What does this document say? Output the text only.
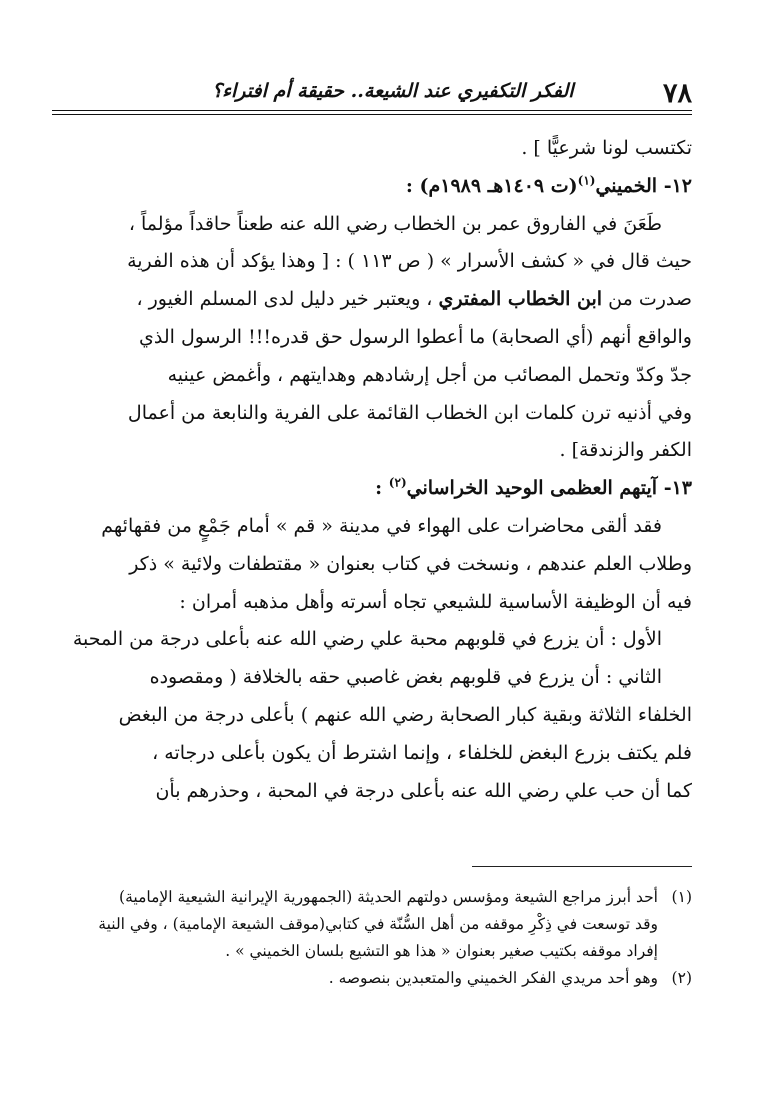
٧٨
الفكر التكفيري عند الشيعة.. حقيقة أم افتراء؟
تكتسب لونا شرعيًّا ] .
١٢- الخميني$^{(١)}$(ت ١٤٠٩هـ ١٩٨٩م) :
طَعَنَ في الفاروق عمر بن الخطاب رضي الله عنه طعناً حاقداً مؤلماً ،
حيث قال في « كشف الأسرار » ( ص ١١٣ ) : [ وهذا يؤكد أن هذه الفرية
صدرت من ابن الخطاب المفتري ، ويعتبر خير دليل لدى المسلم الغيور ،
والواقع أنهم (أي الصحابة) ما أعطوا الرسول حق قدره!!! الرسول الذي
جدّ وكدّ وتحمل المصائب من أجل إرشادهم وهدايتهم ، وأغمض عينيه
وفي أذنيه ترن كلمات ابن الخطاب القائمة على الفرية والنابعة من أعمال
الكفر والزندقة] .
١٣- آيتهم العظمى الوحيد الخراساني$^{(٢)}$ :
فقد ألقى محاضرات على الهواء في مدينة « قم » أمام جَمْعٍ من فقهائهم
وطلاب العلم عندهم ، ونسخت في كتاب بعنوان « مقتطفات ولائية » ذكر
فيه أن الوظيفة الأساسية للشيعي تجاه أسرته وأهل مذهبه أمران :
الأول : أن يزرع في قلوبهم محبة علي رضي الله عنه بأعلى درجة من المحبة
الثاني : أن يزرع في قلوبهم بغض غاصبي حقه بالخلافة ( ومقصوده
الخلفاء الثلاثة وبقية كبار الصحابة رضي الله عنهم ) بأعلى درجة من البغض
فلم يكتف بزرع البغض للخلفاء ، وإنما اشترط أن يكون بأعلى درجاته ،
كما أن حب علي رضي الله عنه بأعلى درجة في المحبة ، وحذرهم بأن
(١)أحد أبرز مراجع الشيعة ومؤسس دولتهم الحديثة (الجمهورية الإيرانية الشيعية الإمامية)
وقد توسعت في ذِكْرِ موقفه من أهل السُّنّة في كتابي(موقف الشيعة الإمامية) ، وفي النية
إفراد موقفه بكتيب صغير بعنوان « هذا هو التشيع بلسان الخميني » .
(٢)وهو أحد مريدي الفكر الخميني والمتعبدين بنصوصه .
